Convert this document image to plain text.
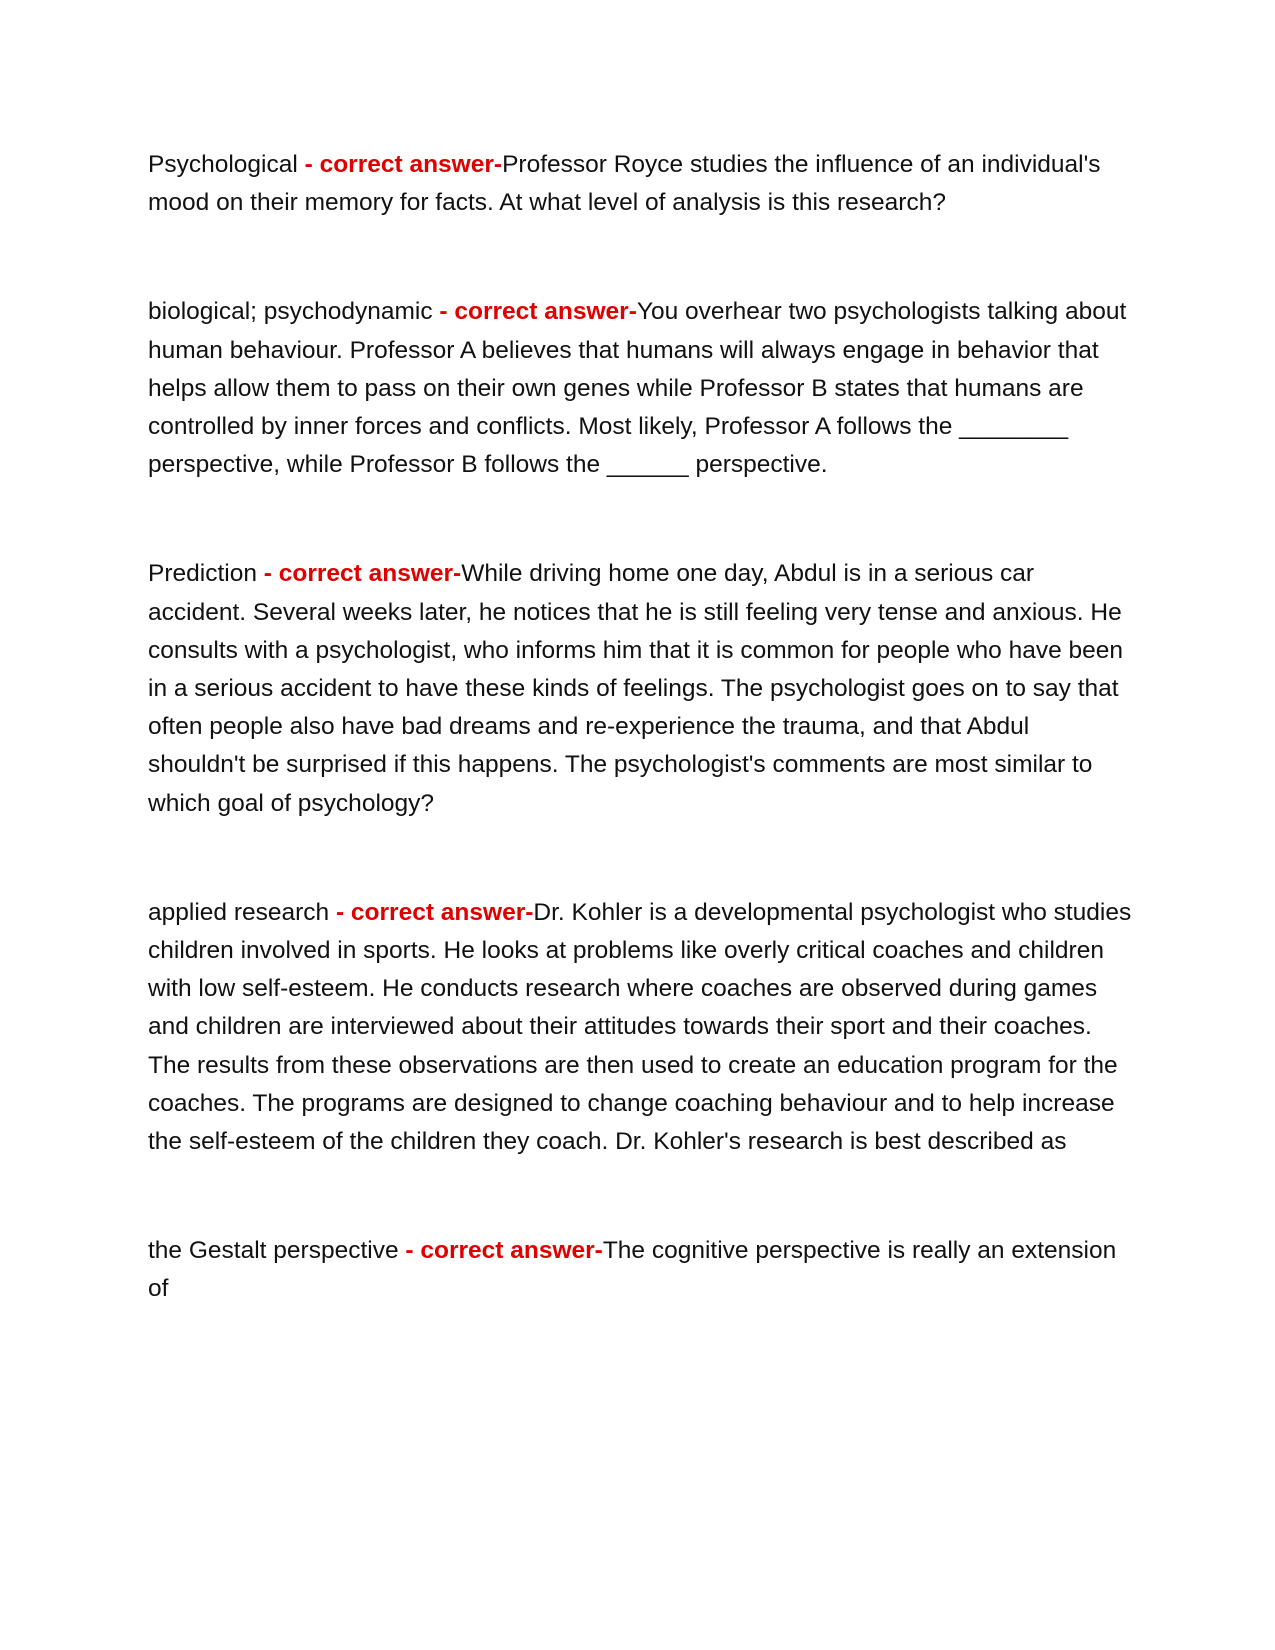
Psychological - correct answer-Professor Royce studies the influence of an individual's mood on their memory for facts. At what level of analysis is this research?

biological; psychodynamic - correct answer-You overhear two psychologists talking about human behaviour. Professor A believes that humans will always engage in behavior that helps allow them to pass on their own genes while Professor B states that humans are controlled by inner forces and conflicts. Most likely, Professor A follows the ________ perspective, while Professor B follows the ______ perspective.

Prediction - correct answer-While driving home one day, Abdul is in a serious car accident. Several weeks later, he notices that he is still feeling very tense and anxious. He consults with a psychologist, who informs him that it is common for people who have been in a serious accident to have these kinds of feelings. The psychologist goes on to say that often people also have bad dreams and re-experience the trauma, and that Abdul shouldn't be surprised if this happens. The psychologist's comments are most similar to which goal of psychology?

applied research - correct answer-Dr. Kohler is a developmental psychologist who studies children involved in sports. He looks at problems like overly critical coaches and children with low self-esteem. He conducts research where coaches are observed during games and children are interviewed about their attitudes towards their sport and their coaches. The results from these observations are then used to create an education program for the coaches. The programs are designed to change coaching behaviour and to help increase the self-esteem of the children they coach. Dr. Kohler's research is best described as

the Gestalt perspective - correct answer-The cognitive perspective is really an extension of
